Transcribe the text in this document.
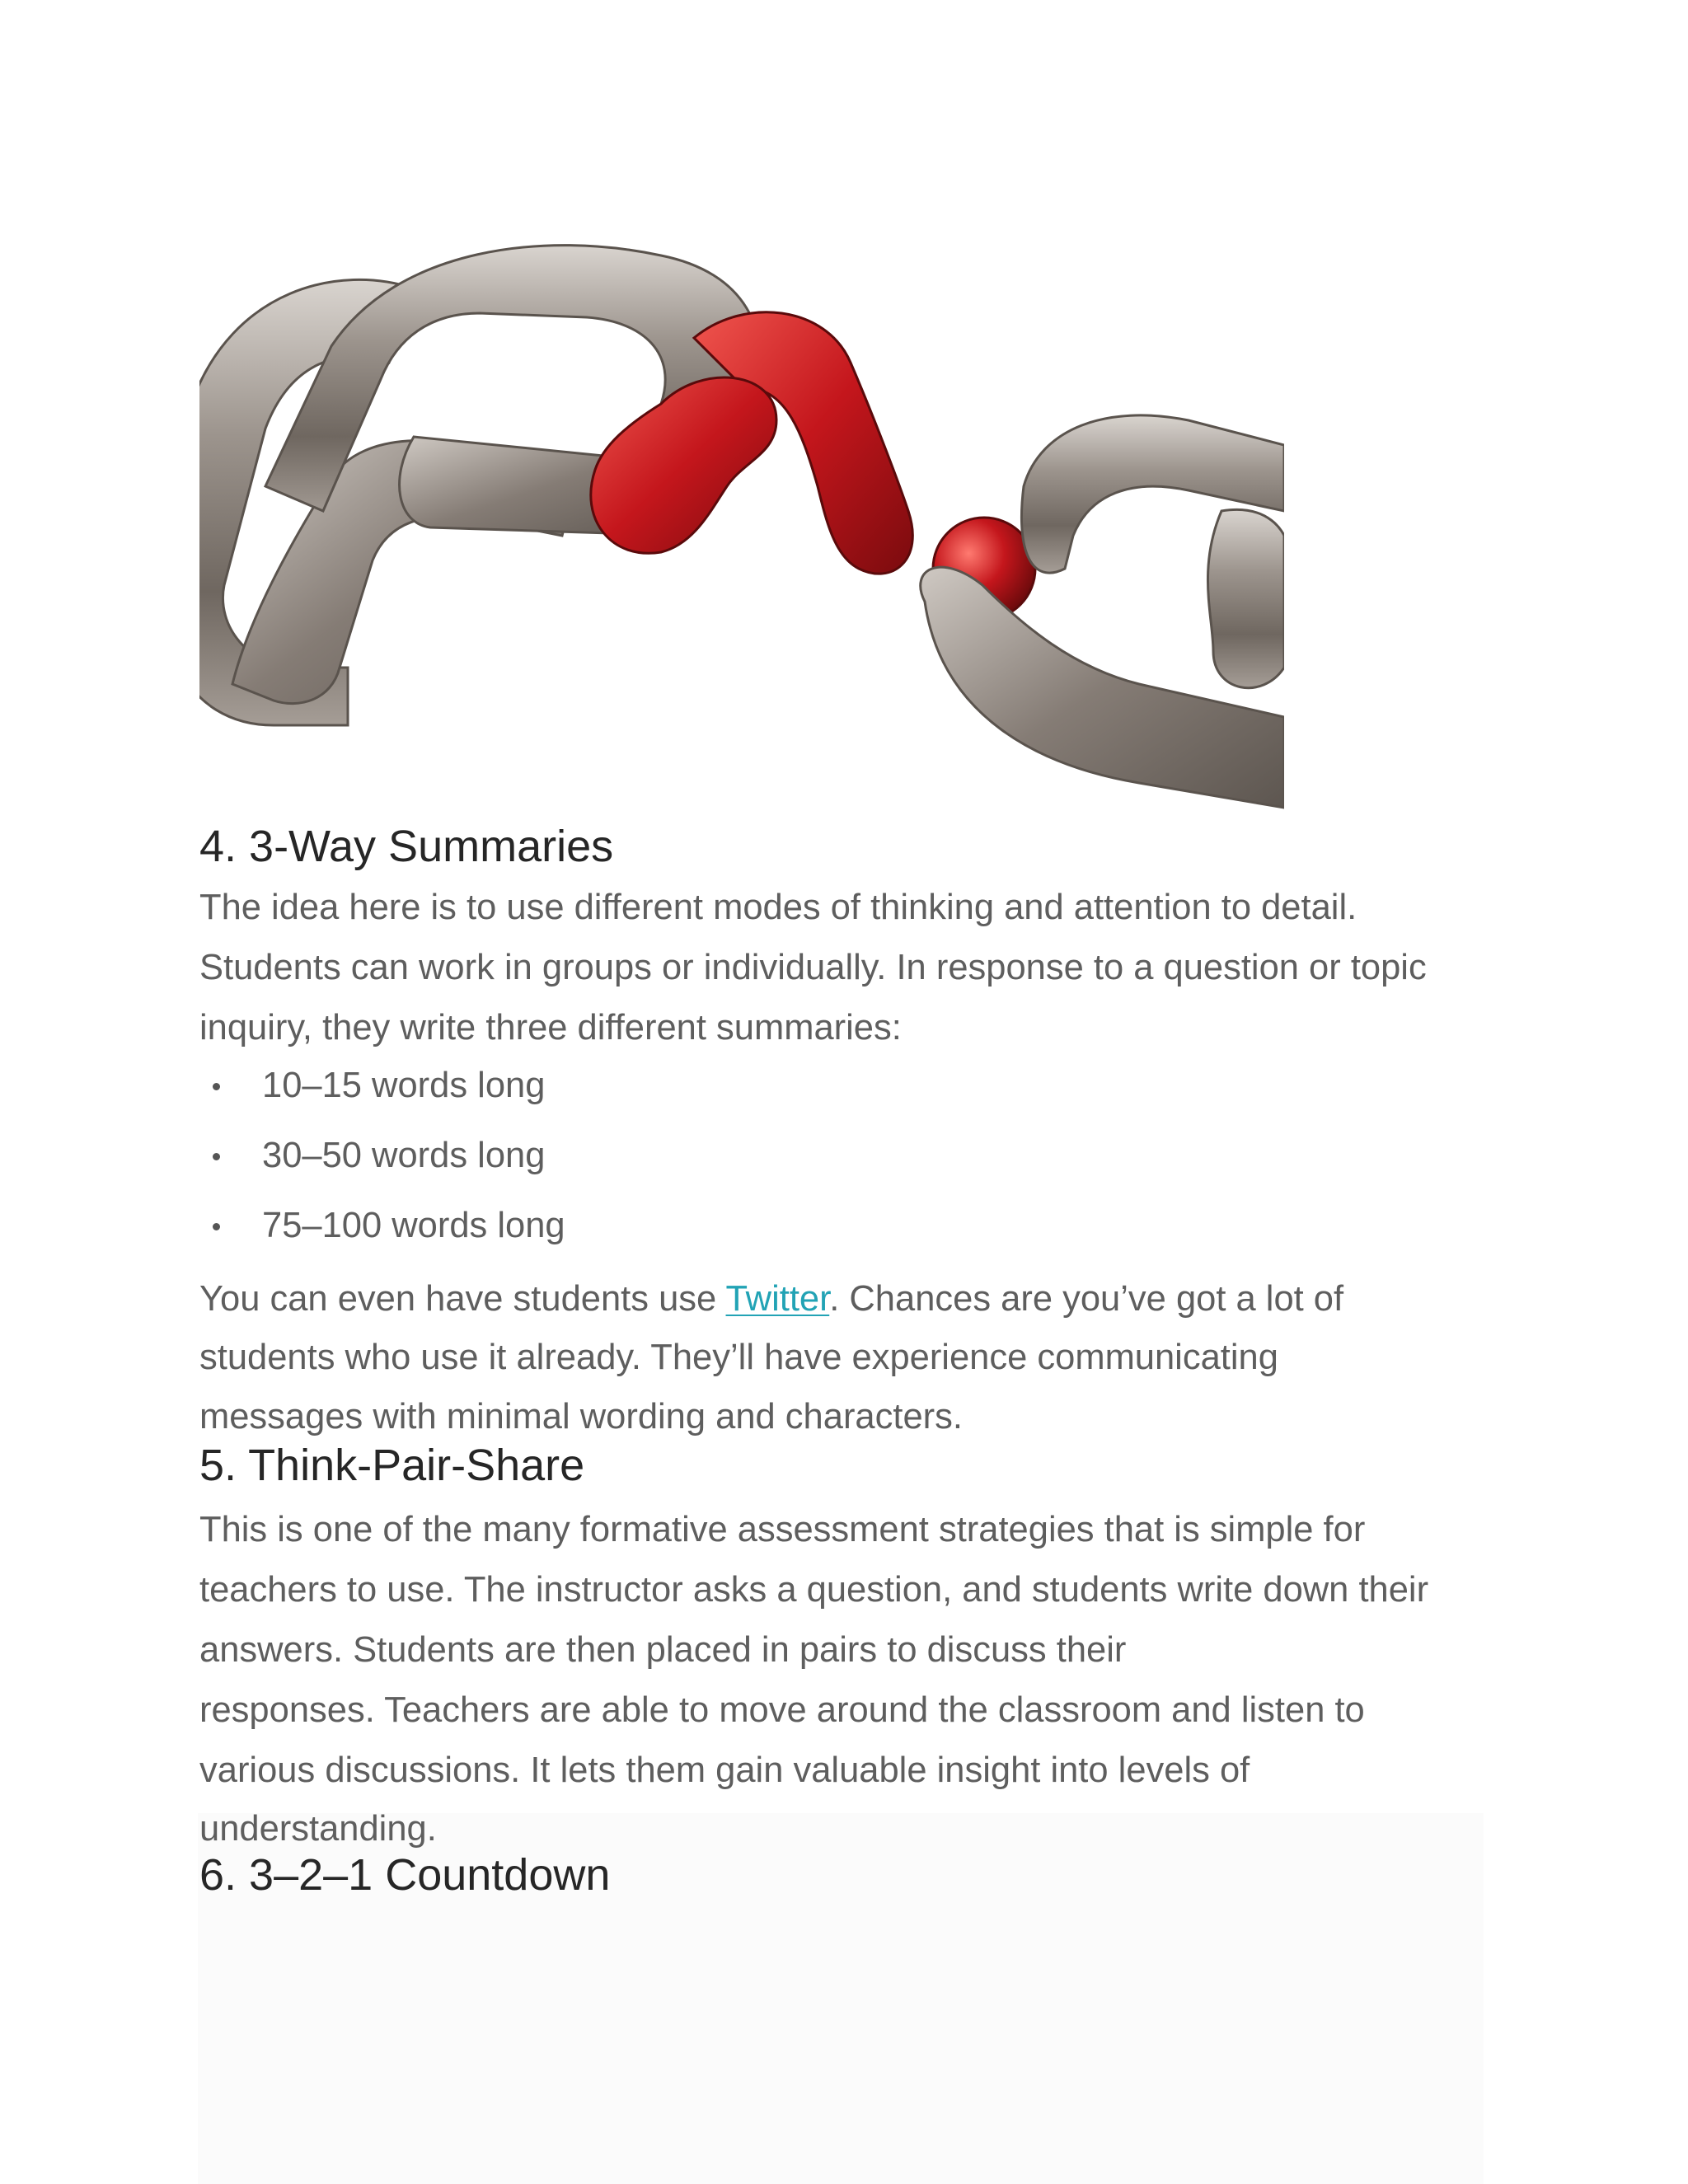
4. 3-Way Summaries

The idea here is to use different modes of thinking and attention to detail.

Students can work in groups or individually. In response to a question or topic

inquiry, they write three different summaries:

10–15 words long
30–50 words long
75–100 words long

You can even have students use Twitter. Chances are you’ve got a lot of

students who use it already. They’ll have experience communicating

messages with minimal wording and characters.

5. Think-Pair-Share

This is one of the many formative assessment strategies that is simple for

teachers to use. The instructor asks a question, and students write down their

answers. Students are then placed in pairs to discuss their

responses. Teachers are able to move around the classroom and listen to

various discussions. It lets them gain valuable insight into levels of

understanding.

6. 3–2–1 Countdown
